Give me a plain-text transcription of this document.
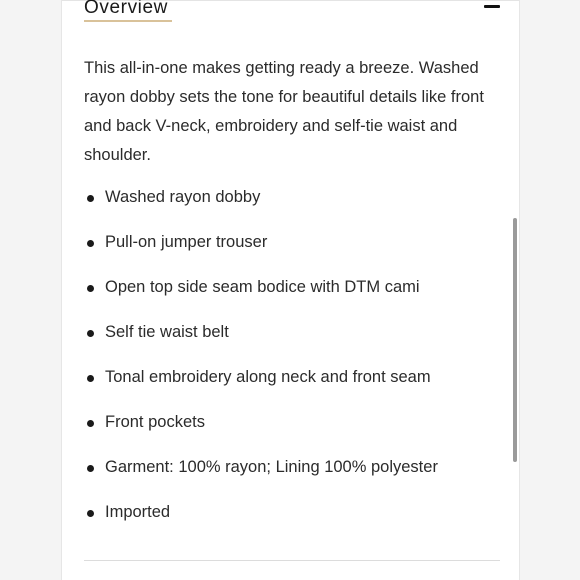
Overview

This all-in-one makes getting ready a breeze. Washed rayon dobby sets the tone for beautiful details like front and back V-neck, embroidery and self-tie waist and shoulder.

Washed rayon dobby
Pull-on jumper trouser
Open top side seam bodice with DTM cami
Self tie waist belt
Tonal embroidery along neck and front seam
Front pockets
Garment: 100% rayon; Lining 100% polyester
Imported
